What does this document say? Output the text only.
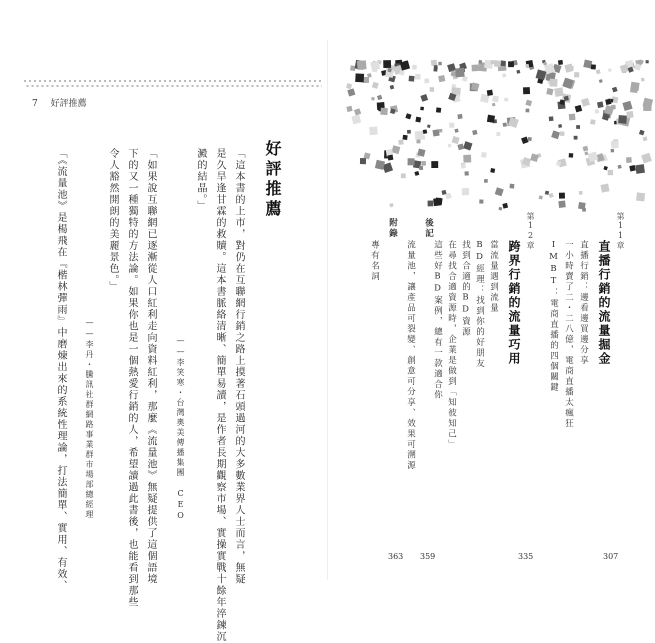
7 好評推薦
好評推薦
「這本書的上市，對仍在互聯網行銷之路上摸著石頭過河的大多數業界人士而言，無疑
是久旱逢甘霖的救贖。這本書脈絡清晰、簡單易讀，是作者長期觀察市場、實操實戰十餘年淬鍊沉
澱的結晶。」
——李笑寒・台灣奧美傳播集團 CEO
「如果說互聯網已逐漸從人口紅利走向資料紅利，那麼《流量池》無疑提供了這個語境
下的又一種獨特的方法論。如果你也是一個熱愛行銷的人，希望讀過此書後，也能看到那些
令人豁然開朗的美麗景色。」
——李丹・騰訊社群網路事業群市場部總經理
「《流量池》是楊飛在『楷林彈雨』中磨煉出來的系統性理論，打法簡單、實用、有效、	第11章
直播行銷的流量掘金
直播行銷：邊看邊買邊分享
一小時賣了二・二八億，電商直播太瘋狂
IMBT：電商直播的四個關鍵
第12章
跨界行銷的流量巧用
當流量遇到流量
BD經理：找到你的好朋友
找到合適的BD資源
在尋找合適資源時，企業是做到「知彼知己」
這些好BD案例，總有一款適合你
後記
流量池，讓產品可裂變、創意可分享、效果可溯源
附錄
專有名詞
307
335
359
363
